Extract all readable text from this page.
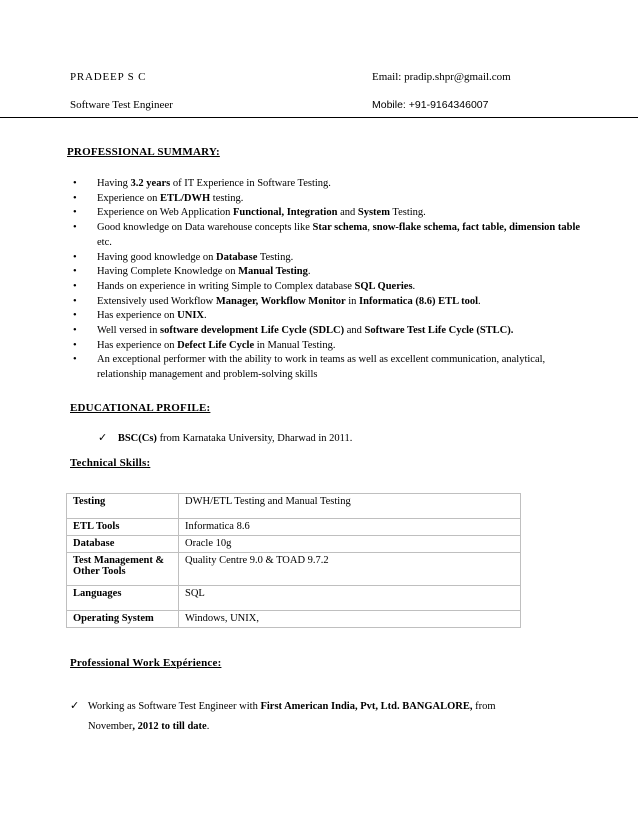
PRADEEP S C	Email: pradip.shpr@gmail.com
Software Test Engineer	Mobile: +91-9164346007
PROFESSIONAL SUMMARY:
• Having 3.2 years of IT Experience in Software Testing.
• Experience on ETL/DWH testing.
• Experience on Web Application Functional, Integration and System Testing.
• Good knowledge on Data warehouse concepts like Star schema, snow-flake schema, fact table, dimension table etc.
• Having good knowledge on Database Testing.
• Having Complete Knowledge on Manual Testing.
• Hands on experience in writing Simple to Complex database SQL Queries.
• Extensively used Workflow Manager, Workflow Monitor in Informatica (8.6) ETL tool.
• Has experience on UNIX.
• Well versed in software development Life Cycle (SDLC) and Software Test Life Cycle (STLC).
• Has experience on Defect Life Cycle in Manual Testing.
• An exceptional performer with the ability to work in teams as well as excellent communication, analytical, relationship management and problem-solving skills
EDUCATIONAL PROFILE:
✓ BSC(Cs) from Karnataka University, Dharwad in 2011.
Technical Skills:
Testing	DWH/ETL Testing and Manual Testing
ETL Tools	Informatica 8.6
Database	Oracle 10g
Test Management & Other Tools	Quality Centre 9.0 & TOAD 9.7.2
Languages	SQL
Operating System	Windows, UNIX,
Professional Work Expérience:
✓ Working as Software Test Engineer with First American India, Pvt, Ltd. BANGALORE, from
November, 2012 to till date.
